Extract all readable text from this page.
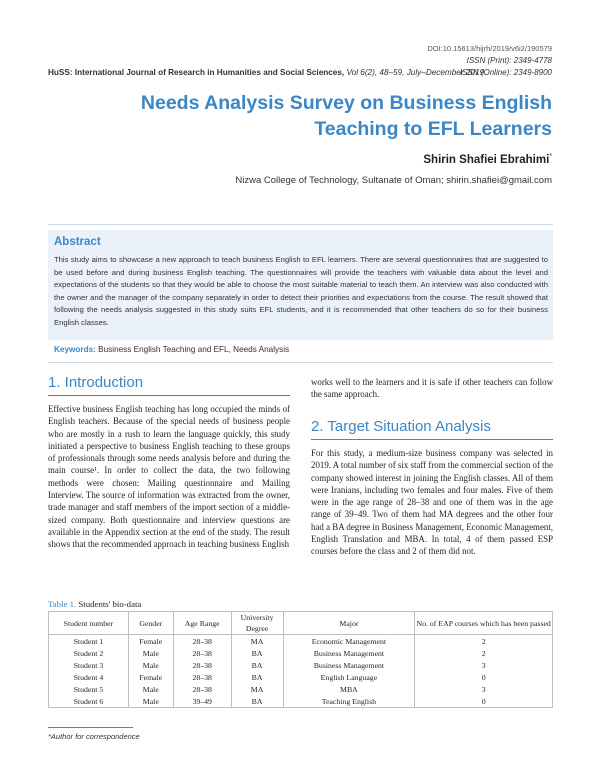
DOI:10.15613/hijrh/2019/v6i2/190579
ISSN (Print): 2349-4778
ISSN (Online): 2349-8900
HuSS: International Journal of Research in Humanities and Social Sciences, Vol 6(2), 48–59, July–December 2019
Needs Analysis Survey on Business English
Teaching to EFL Learners
Shirin Shafiei Ebrahimi*
Nizwa College of Technology, Sultanate of Oman; shirin.shafiei@gmail.com
Abstract
This study aims to showcase a new approach to teach business English to EFL learners. There are several questionnaires that are suggested to be used before and during business English teaching. The questionnaires will provide the teachers with valuable data about the level and expectations of the students so that they would be able to choose the most suitable material to teach them. An interview was also conducted with the owner and the manager of the company separately in order to detect their priorities and expectations from the course. The result showed that following the needs analysis suggested in this study suits EFL students, and it is recommended that other teachers do so for their business English classes.
Keywords: Business English Teaching and EFL, Needs Analysis
1. Introduction
Effective business English teaching has long occupied the minds of English teachers. Because of the special needs of business people who are mostly in a rush to learn the language quickly, this study initiated a perspective to business English teaching to these groups of professionals through some needs analysis before and during the main course¹. In order to collect the data, the two following methods were chosen: Mailing questionnaire and Mailing Interview. The source of information was extracted from the owner, trade manager and staff members of the import section of a middle-sized company. Both questionnaire and interview questions are available in the Appendix section at the end of the study. The result shows that the recommended approach in teaching business English
works well to the learners and it is safe if other teachers can follow the same approach.
2. Target Situation Analysis
For this study, a medium-size business company was selected in 2019. A total number of six staff from the commercial section of the company showed interest in joining the English classes. All of them were Iranians, including two females and four males. Five of them were in the age range of 28–38 and one of them was in the age range of 39–49. Two of them had MA degrees and the other four had a BA degree in Business Management, Economic Management, English Translation and MBA. In total, 4 of them passed ESP courses before the class and 2 of them did not.
Table 1. Students' bio-data
Student number	Gender	Age Range	University Degree	Major	No. of EAP courses which has been passed
Student 1	Female	28–38	MA	Economic Management	2
Student 2	Male	28–38	BA	Business Management	2
Student 3	Male	28–38	BA	Business Management	3
Student 4	Female	28–38	BA	English Language	0
Student 5	Male	28–38	MA	MBA	3
Student 6	Male	39–49	BA	Teaching English	0
*Author for correspondence
